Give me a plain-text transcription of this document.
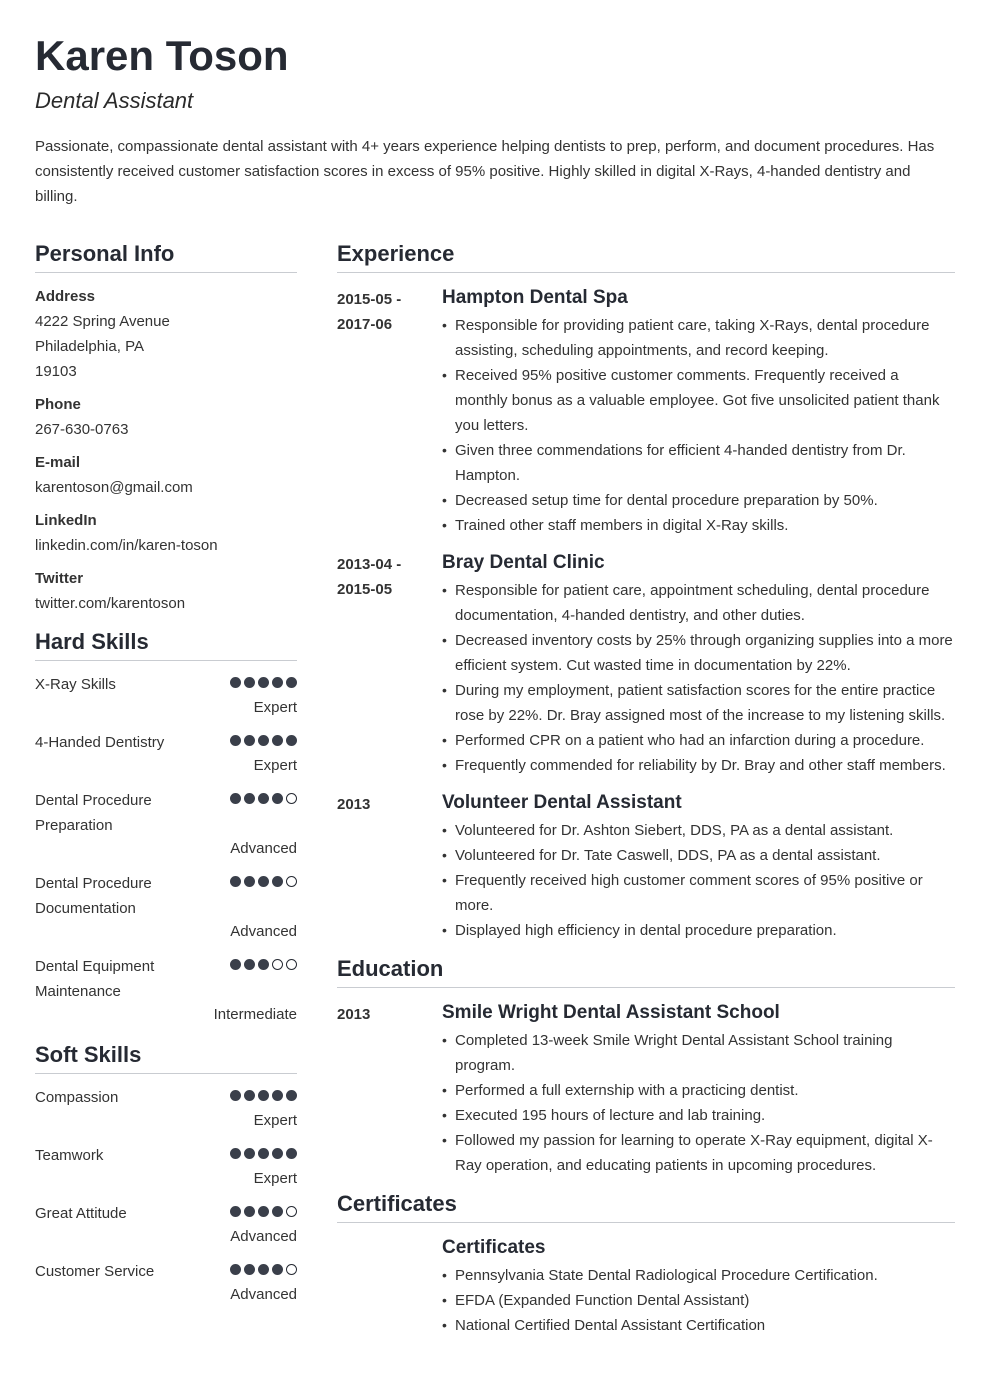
Karen Toson
Dental Assistant

Passionate, compassionate dental assistant with 4+ years experience helping dentists to prep, perform, and document procedures. Has consistently received customer satisfaction scores in excess of 95% positive. Highly skilled in digital X-Rays, 4-handed dentistry and billing.

Personal Info
Address
4222 Spring Avenue
Philadelphia, PA
19103
Phone
267-630-0763
E-mail
karentoson@gmail.com
LinkedIn
linkedin.com/in/karen-toson
Twitter
twitter.com/karentoson
Hard Skills
X-Ray Skills
Expert
4-Handed Dentistry
Expert
Dental Procedure Preparation
Advanced
Dental Procedure Documentation
Advanced
Dental Equipment Maintenance
Intermediate
Soft Skills
Compassion
Expert
Teamwork
Expert
Great Attitude
Advanced
Customer Service
Advanced
Experience
2015-05 - 2017-06
Hampton Dental Spa
• Responsible for providing patient care, taking X-Rays, dental procedure assisting, scheduling appointments, and record keeping.
• Received 95% positive customer comments. Frequently received a monthly bonus as a valuable employee. Got five unsolicited patient thank you letters.
• Given three commendations for efficient 4-handed dentistry from Dr. Hampton.
• Decreased setup time for dental procedure preparation by 50%.
• Trained other staff members in digital X-Ray skills.
2013-04 - 2015-05
Bray Dental Clinic
• Responsible for patient care, appointment scheduling, dental procedure documentation, 4-handed dentistry, and other duties.
• Decreased inventory costs by 25% through organizing supplies into a more efficient system. Cut wasted time in documentation by 22%.
• During my employment, patient satisfaction scores for the entire practice rose by 22%. Dr. Bray assigned most of the increase to my listening skills.
• Performed CPR on a patient who had an infarction during a procedure.
• Frequently commended for reliability by Dr. Bray and other staff members.
2013	Volunteer Dental Assistant
• Volunteered for Dr. Ashton Siebert, DDS, PA as a dental assistant.
• Volunteered for Dr. Tate Caswell, DDS, PA as a dental assistant.
• Frequently received high customer comment scores of 95% positive or more.
• Displayed high efficiency in dental procedure preparation.
Education
2013	Smile Wright Dental Assistant School
• Completed 13-week Smile Wright Dental Assistant School training program.
• Performed a full externship with a practicing dentist.
• Executed 195 hours of lecture and lab training.
• Followed my passion for learning to operate X-Ray equipment, digital X-Ray operation, and educating patients in upcoming procedures.
Certificates
Certificates
• Pennsylvania State Dental Radiological Procedure Certification.
• EFDA (Expanded Function Dental Assistant)
• National Certified Dental Assistant Certification
